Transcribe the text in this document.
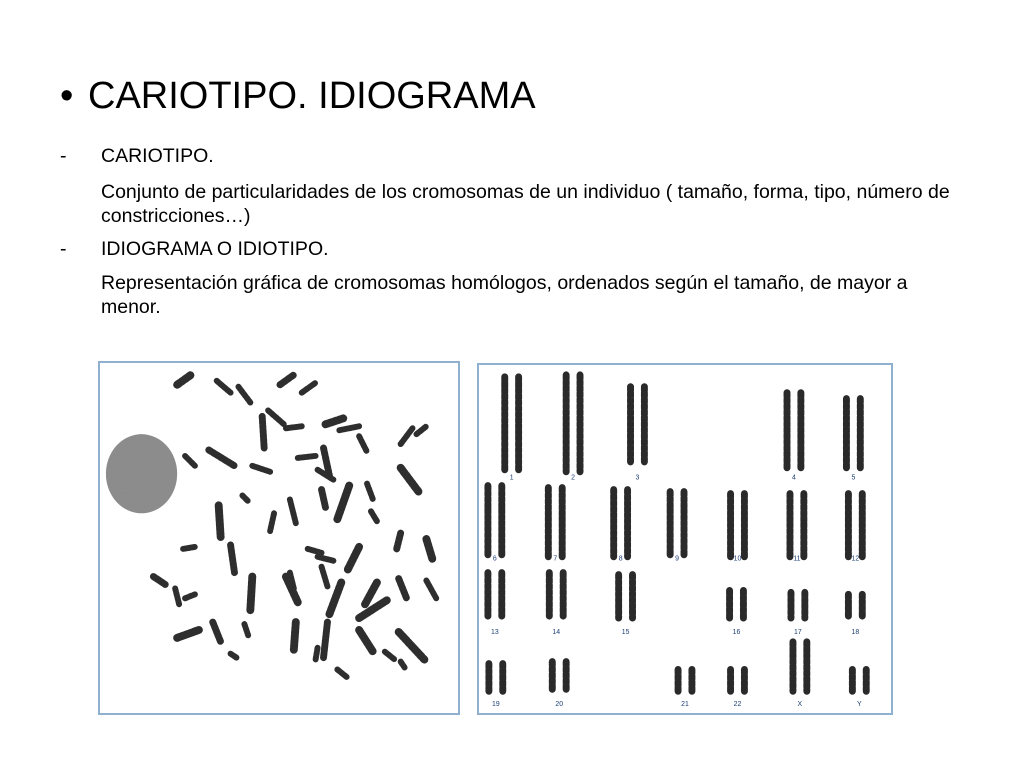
• CARIOTIPO. IDIOGRAMA
-	CARIOTIPO.
Conjunto de particularidades de los cromosomas de un individuo ( tamaño, forma, tipo, número de constricciones…)
-	IDIOGRAMA O IDIOTIPO.
Representación gráfica de cromosomas homólogos, ordenados según el tamaño, de mayor a menor.
1	2	3	4	5
6	7	8	9	10	11	12
13	14	15	16	17	18
19	20	21	22	X	Y
